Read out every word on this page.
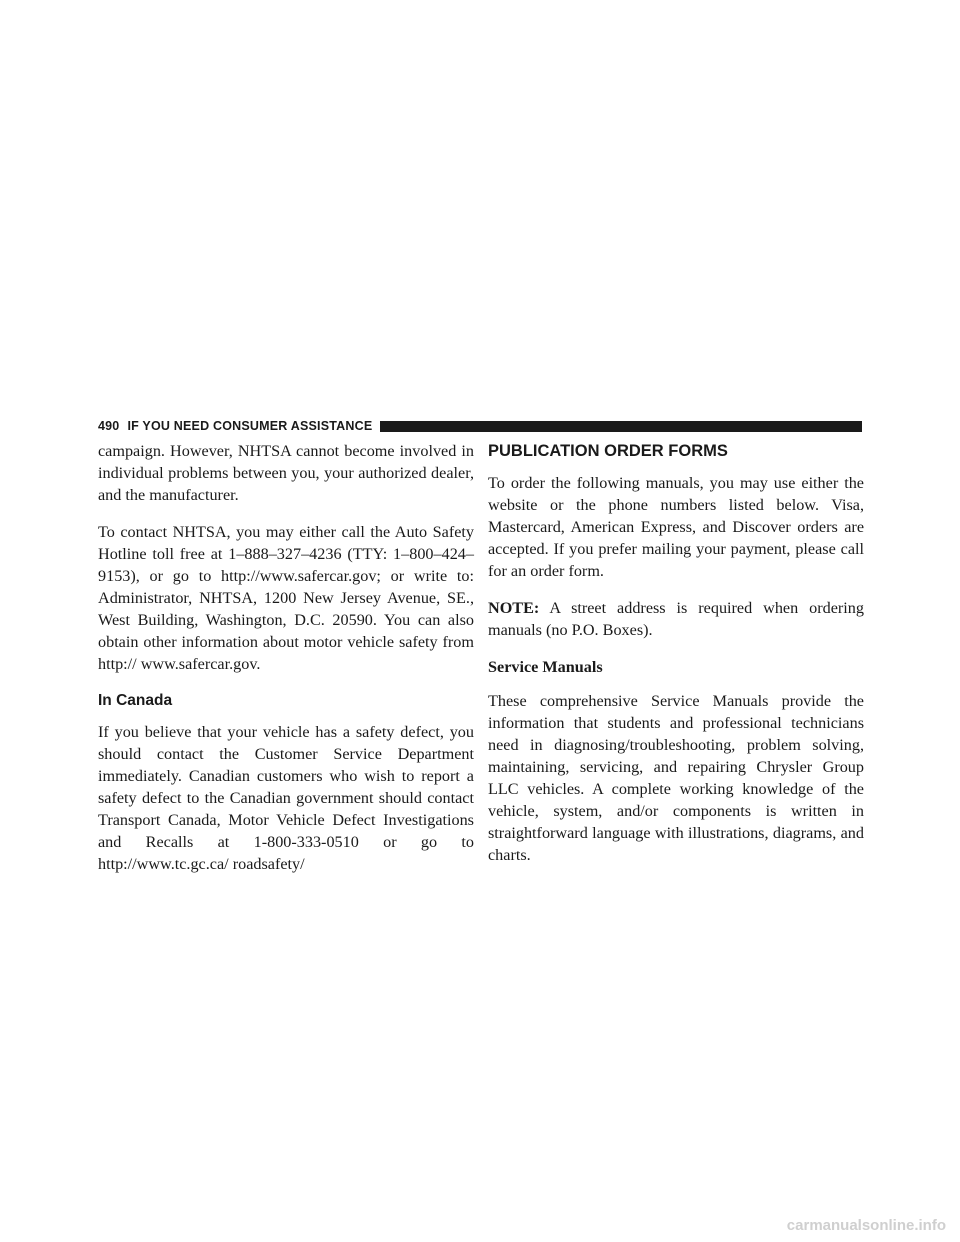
490 IF YOU NEED CONSUMER ASSISTANCE

campaign. However, NHTSA cannot become involved in individual problems between you, your authorized dealer, and the manufacturer.

To contact NHTSA, you may either call the Auto Safety Hotline toll free at 1–888–327–4236 (TTY: 1–800–424–9153), or go to http://www.safercar.gov; or write to: Administrator, NHTSA, 1200 New Jersey Avenue, SE., West Building, Washington, D.C. 20590. You can also obtain other information about motor vehicle safety from http:// www.safercar.gov.

In Canada

If you believe that your vehicle has a safety defect, you should contact the Customer Service Department immediately. Canadian customers who wish to report a safety defect to the Canadian government should contact Transport Canada, Motor Vehicle Defect Investigations and Recalls at 1-800-333-0510 or go to http://www.tc.gc.ca/ roadsafety/

PUBLICATION ORDER FORMS

To order the following manuals, you may use either the website or the phone numbers listed below. Visa, Mastercard, American Express, and Discover orders are accepted. If you prefer mailing your payment, please call for an order form.

NOTE: A street address is required when ordering manuals (no P.O. Boxes).

Service Manuals

These comprehensive Service Manuals provide the information that students and professional technicians need in diagnosing/troubleshooting, problem solving, maintaining, servicing, and repairing Chrysler Group LLC vehicles. A complete working knowledge of the vehicle, system, and/or components is written in straightforward language with illustrations, diagrams, and charts.

carmanualsonline.info
